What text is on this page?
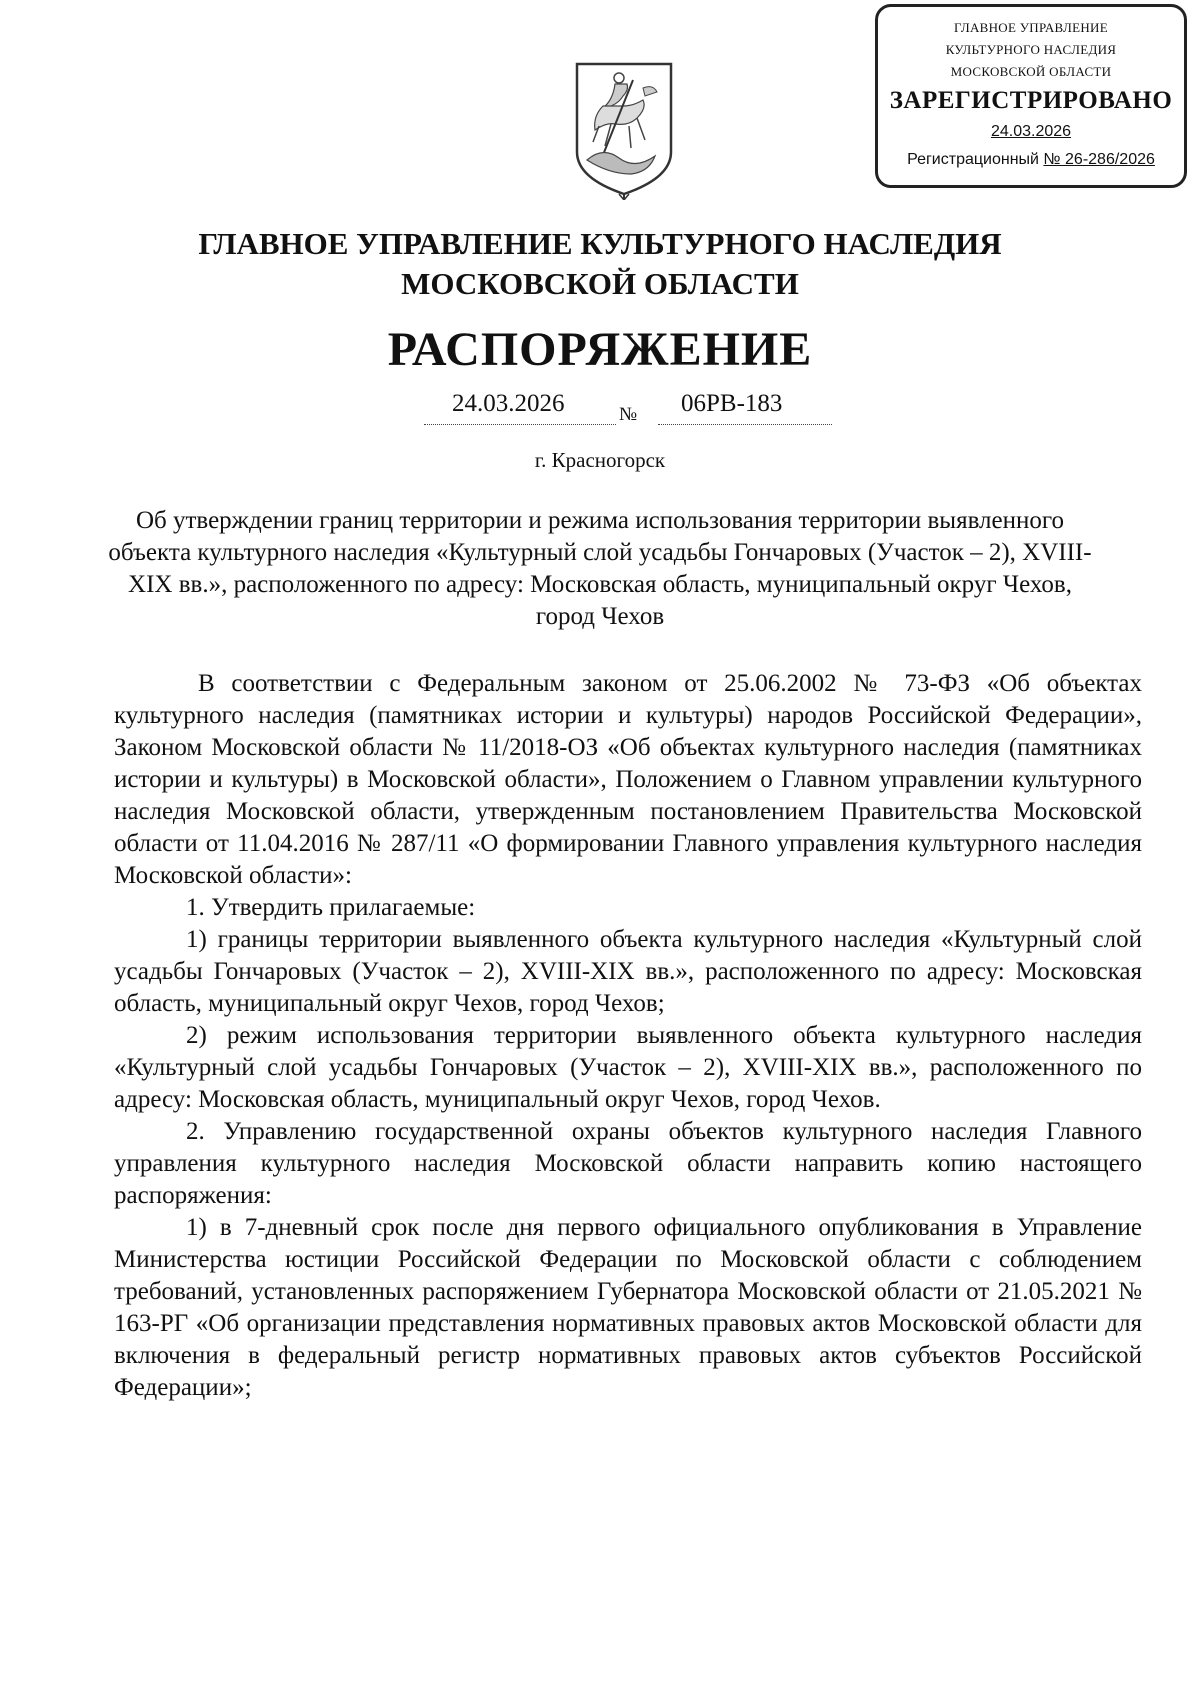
ГЛАВНОЕ УПРАВЛЕНИЕ
КУЛЬТУРНОГО НАСЛЕДИЯ
МОСКОВСКОЙ ОБЛАСТИ
ЗАРЕГИСТРИРОВАНО
24.03.2026
Регистрационный № 26-286/2026
ГЛАВНОЕ УПРАВЛЕНИЕ КУЛЬТУРНОГО НАСЛЕДИЯ
МОСКОВСКОЙ ОБЛАСТИ
РАСПОРЯЖЕНИЕ
24.03.2026	№ 06РВ-183
г. Красногорск
Об утверждении границ территории и режима использования территории выявленного объекта культурного наследия «Культурный слой усадьбы Гончаровых (Участок – 2), XVIII-XIX вв.», расположенного по адресу: Московская область, муниципальный округ Чехов, город Чехов

В соответствии с Федеральным законом от 25.06.2002 № 73-ФЗ «Об объектах культурного наследия (памятниках истории и культуры) народов Российской Федерации», Законом Московской области № 11/2018-ОЗ «Об объектах культурного наследия (памятниках истории и культуры) в Московской области», Положением о Главном управлении культурного наследия Московской области, утвержденным постановлением Правительства Московской области от 11.04.2016 № 287/11 «О формировании Главного управления культурного наследия Московской области»:

1. Утвердить прилагаемые:

1) границы территории выявленного объекта культурного наследия «Культурный слой усадьбы Гончаровых (Участок – 2), XVIII-XIX вв.», расположенного по адресу: Московская область, муниципальный округ Чехов, город Чехов;

2) режим использования территории выявленного объекта культурного наследия «Культурный слой усадьбы Гончаровых (Участок – 2), XVIII-XIX вв.», расположенного по адресу: Московская область, муниципальный округ Чехов, город Чехов.

2. Управлению государственной охраны объектов культурного наследия Главного управления культурного наследия Московской области направить копию настоящего распоряжения:

1) в 7-дневный срок после дня первого официального опубликования в Управление Министерства юстиции Российской Федерации по Московской области с соблюдением требований, установленных распоряжением Губернатора Московской области от 21.05.2021 № 163-РГ «Об организации представления нормативных правовых актов Московской области для включения в федеральный регистр нормативных правовых актов субъектов Российской Федерации»;
